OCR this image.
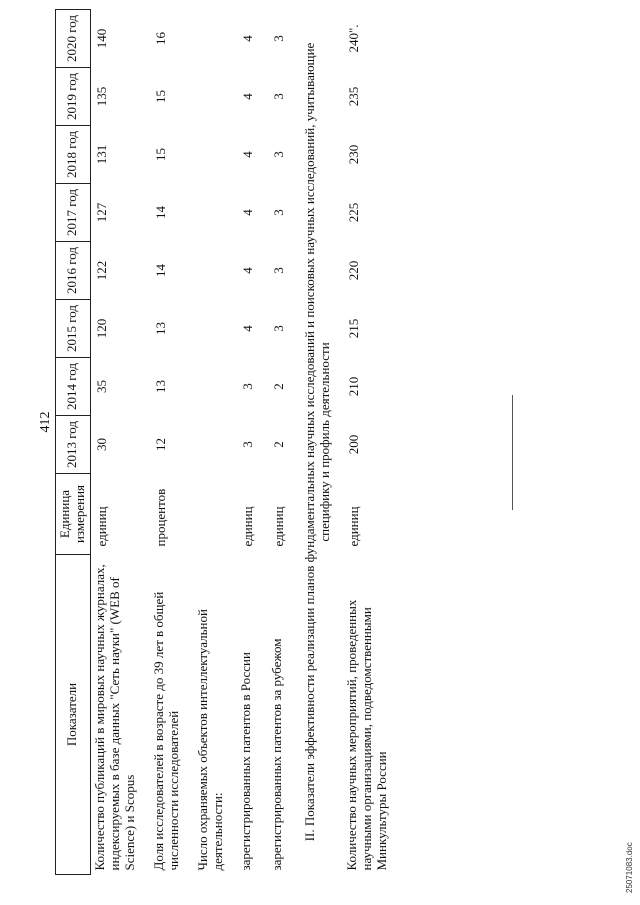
412
Показатели	Единица измерения	2013 год	2014 год	2015 год	2016 год	2017 год	2018 год	2019 год	2020 год
Количество публикаций в мировых научных журналах, индексируемых в базе данных "Сеть науки" (WEB of Science) и Scopus	единиц	30	35	120	122	127	131	135	140
Доля исследователей в возрасте до 39 лет в общей численности исследователей	процентов	12	13	13	14	14	15	15	16
Число охраняемых объектов интеллектуальной деятельности:									
зарегистрированных патентов в России	единиц	3	3	4	4	4	4	4	4
зарегистрированных патентов за рубежом	единиц	2	2	3	3	3	3	3	3
II. Показатели эффективности реализации планов фундаментальных научных исследований и поисковых научных исследований, учитывающие специфику и профиль деятельности									
Количество научных мероприятий, проведенных научными организациями, подведомственными Минкультуры России	единиц	200	210	215	220	225	230	235	240".
25071083.doc
